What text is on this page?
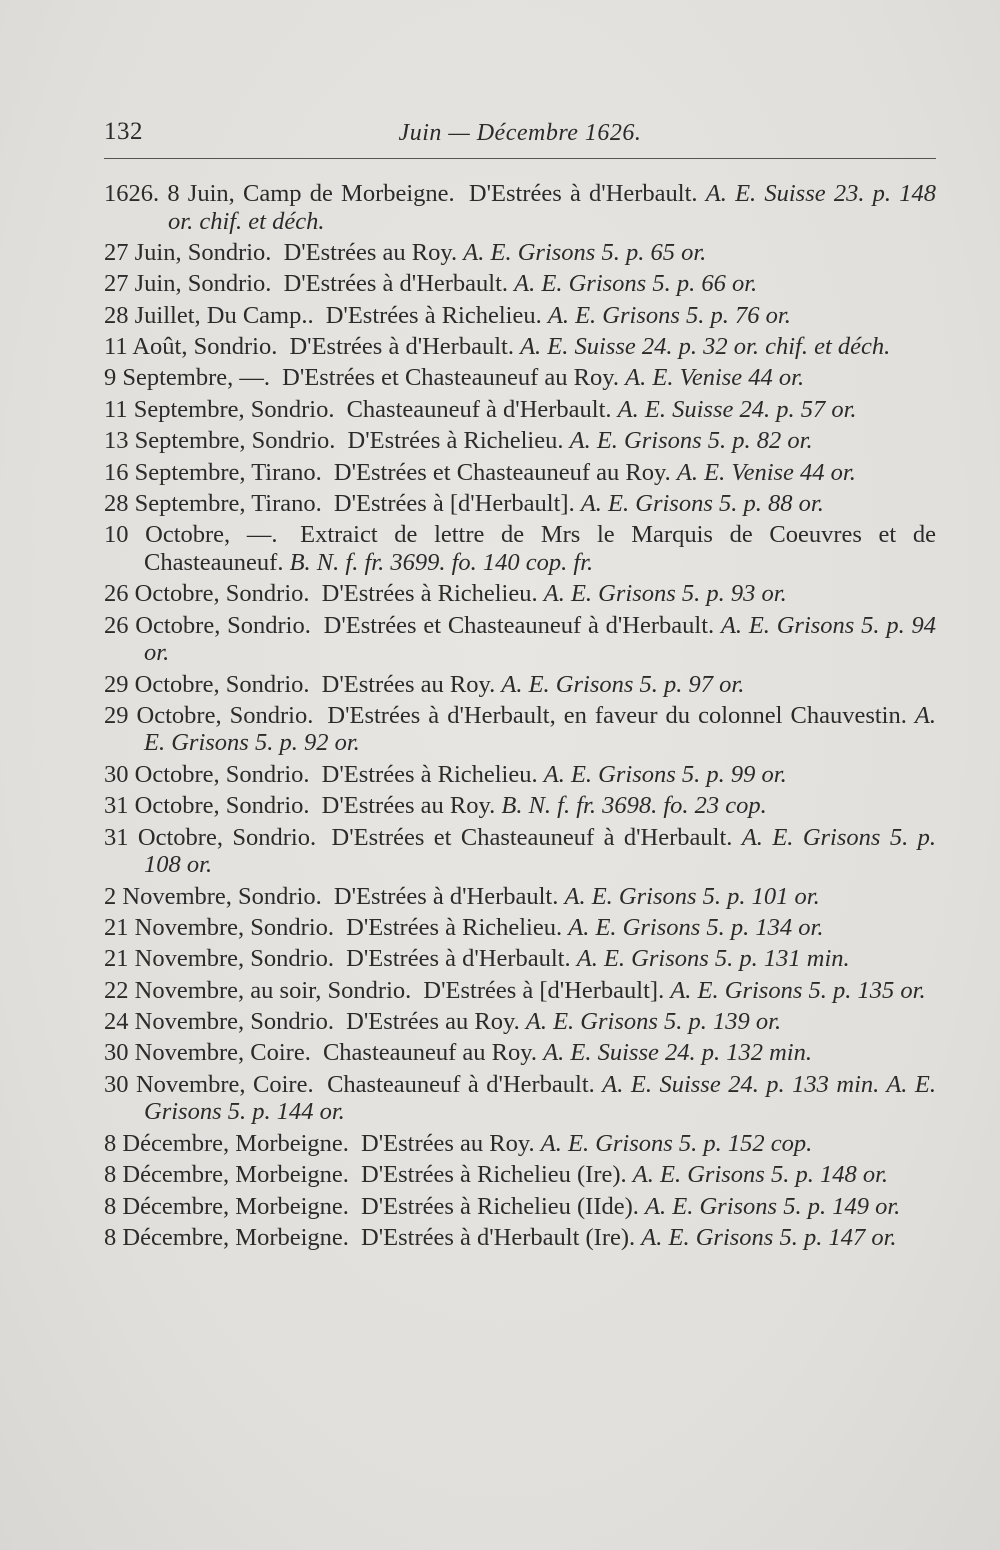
132	Juin — Décembre 1626.

1626. 8 Juin, Camp de Morbeigne. D'Estrées à d'Herbault. A. E. Suisse 23. p. 148 or. chif. et déch.

27 Juin, Sondrio. D'Estrées au Roy. A. E. Grisons 5. p. 65 or.

27 Juin, Sondrio. D'Estrées à d'Herbault. A. E. Grisons 5. p. 66 or.

28 Juillet, Du Camp.. D'Estrées à Richelieu. A. E. Grisons 5. p. 76 or.

11 Août, Sondrio. D'Estrées à d'Herbault. A. E. Suisse 24. p. 32 or. chif. et déch.

9 Septembre, —. D'Estrées et Chasteauneuf au Roy. A. E. Venise 44 or.

11 Septembre, Sondrio. Chasteauneuf à d'Herbault. A. E. Suisse 24. p. 57 or.

13 Septembre, Sondrio. D'Estrées à Richelieu. A. E. Grisons 5. p. 82 or.

16 Septembre, Tirano. D'Estrées et Chasteauneuf au Roy. A. E. Venise 44 or.

28 Septembre, Tirano. D'Estrées à [d'Herbault]. A. E. Grisons 5. p. 88 or.

10 Octobre, —. Extraict de lettre de Mrs le Marquis de Coeuvres et de Chasteauneuf. B. N. f. fr. 3699. fo. 140 cop. fr.

26 Octobre, Sondrio. D'Estrées à Richelieu. A. E. Grisons 5. p. 93 or.

26 Octobre, Sondrio. D'Estrées et Chasteauneuf à d'Herbault. A. E. Grisons 5. p. 94 or.

29 Octobre, Sondrio. D'Estrées au Roy. A. E. Grisons 5. p. 97 or.

29 Octobre, Sondrio. D'Estrées à d'Herbault, en faveur du colonnel Chauvestin. A. E. Grisons 5. p. 92 or.

30 Octobre, Sondrio. D'Estrées à Richelieu. A. E. Grisons 5. p. 99 or.

31 Octobre, Sondrio. D'Estrées au Roy. B. N. f. fr. 3698. fo. 23 cop.

31 Octobre, Sondrio. D'Estrées et Chasteauneuf à d'Herbault. A. E. Grisons 5. p. 108 or.

2 Novembre, Sondrio. D'Estrées à d'Herbault. A. E. Grisons 5. p. 101 or.

21 Novembre, Sondrio. D'Estrées à Richelieu. A. E. Grisons 5. p. 134 or.

21 Novembre, Sondrio. D'Estrées à d'Herbault. A. E. Grisons 5. p. 131 min.

22 Novembre, au soir, Sondrio. D'Estrées à [d'Herbault]. A. E. Grisons 5. p. 135 or.

24 Novembre, Sondrio. D'Estrées au Roy. A. E. Grisons 5. p. 139 or.

30 Novembre, Coire. Chasteauneuf au Roy. A. E. Suisse 24. p. 132 min.

30 Novembre, Coire. Chasteauneuf à d'Herbault. A. E. Suisse 24. p. 133 min. A. E. Grisons 5. p. 144 or.

8 Décembre, Morbeigne. D'Estrées au Roy. A. E. Grisons 5. p. 152 cop.

8 Décembre, Morbeigne. D'Estrées à Richelieu (Ire). A. E. Grisons 5. p. 148 or.

8 Décembre, Morbeigne. D'Estrées à Richelieu (IIde). A. E. Grisons 5. p. 149 or.

8 Décembre, Morbeigne. D'Estrées à d'Herbault (Ire). A. E. Grisons 5. p. 147 or.
